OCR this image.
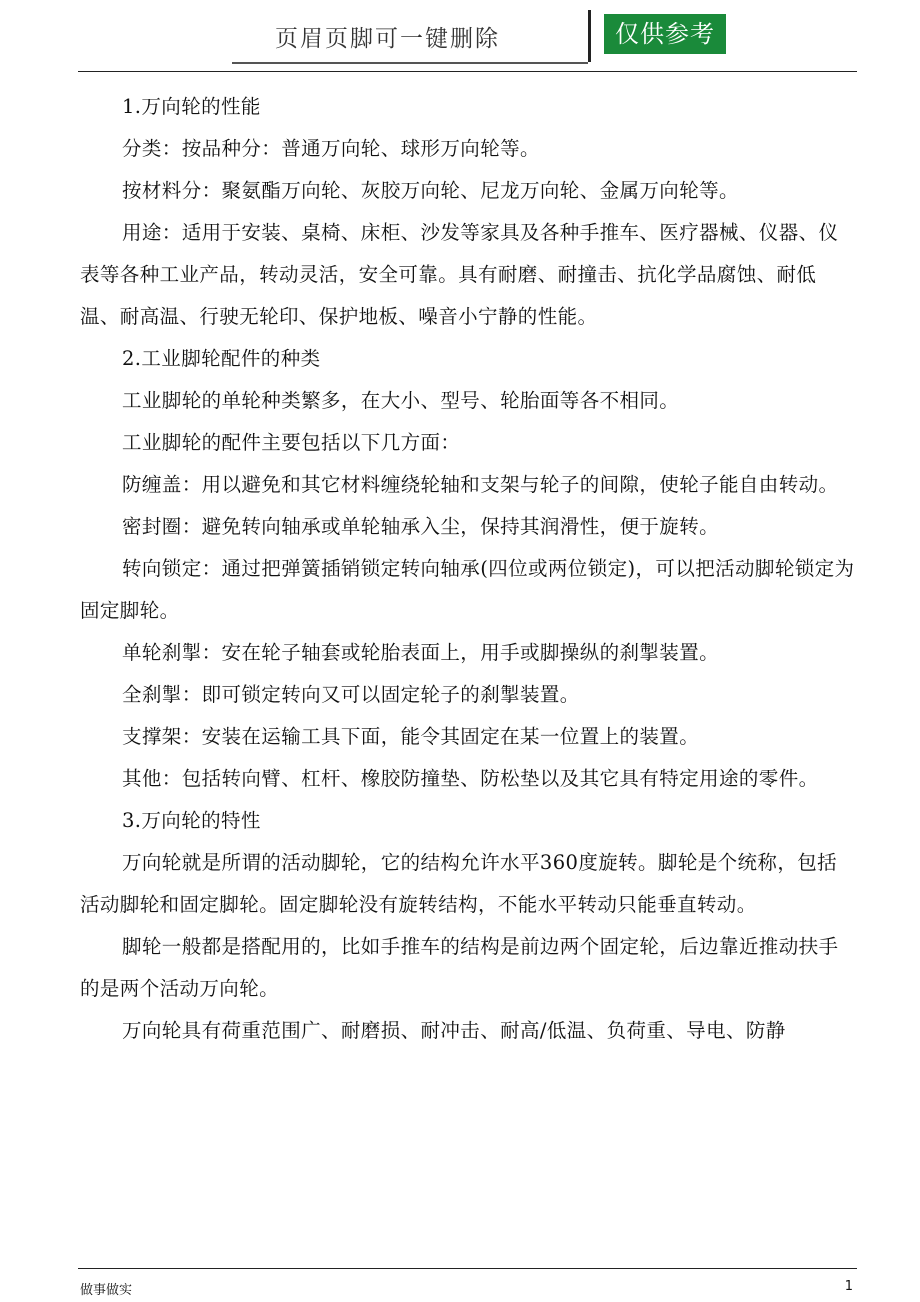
页眉页脚可一键删除	仅供参考

1.万向轮的性能

分类：按品种分：普通万向轮、球形万向轮等。

按材料分：聚氨酯万向轮、灰胶万向轮、尼龙万向轮、金属万向轮等。

用途：适用于安装、桌椅、床柜、沙发等家具及各种手推车、医疗器械、仪器、仪表等各种工业产品，转动灵活，安全可靠。具有耐磨、耐撞击、抗化学品腐蚀、耐低温、耐高温、行驶无轮印、保护地板、噪音小宁静的性能。

2.工业脚轮配件的种类

工业脚轮的单轮种类繁多，在大小、型号、轮胎面等各不相同。

工业脚轮的配件主要包括以下几方面：

防缠盖：用以避免和其它材料缠绕轮轴和支架与轮子的间隙，使轮子能自由转动。

密封圈：避免转向轴承或单轮轴承入尘，保持其润滑性，便于旋转。

转向锁定：通过把弹簧插销锁定转向轴承(四位或两位锁定)，可以把活动脚轮锁定为固定脚轮。

单轮刹掣：安在轮子轴套或轮胎表面上，用手或脚操纵的刹掣装置。

全刹掣：即可锁定转向又可以固定轮子的刹掣装置。

支撑架：安装在运输工具下面，能令其固定在某一位置上的装置。

其他：包括转向臂、杠杆、橡胶防撞垫、防松垫以及其它具有特定用途的零件。

3.万向轮的特性

万向轮就是所谓的活动脚轮，它的结构允许水平360度旋转。脚轮是个统称，包括活动脚轮和固定脚轮。固定脚轮没有旋转结构，不能水平转动只能垂直转动。

脚轮一般都是搭配用的，比如手推车的结构是前边两个固定轮，后边靠近推动扶手的是两个活动万向轮。

万向轮具有荷重范围广、耐磨损、耐冲击、耐高/低温、负荷重、导电、防静

做事做实	1
